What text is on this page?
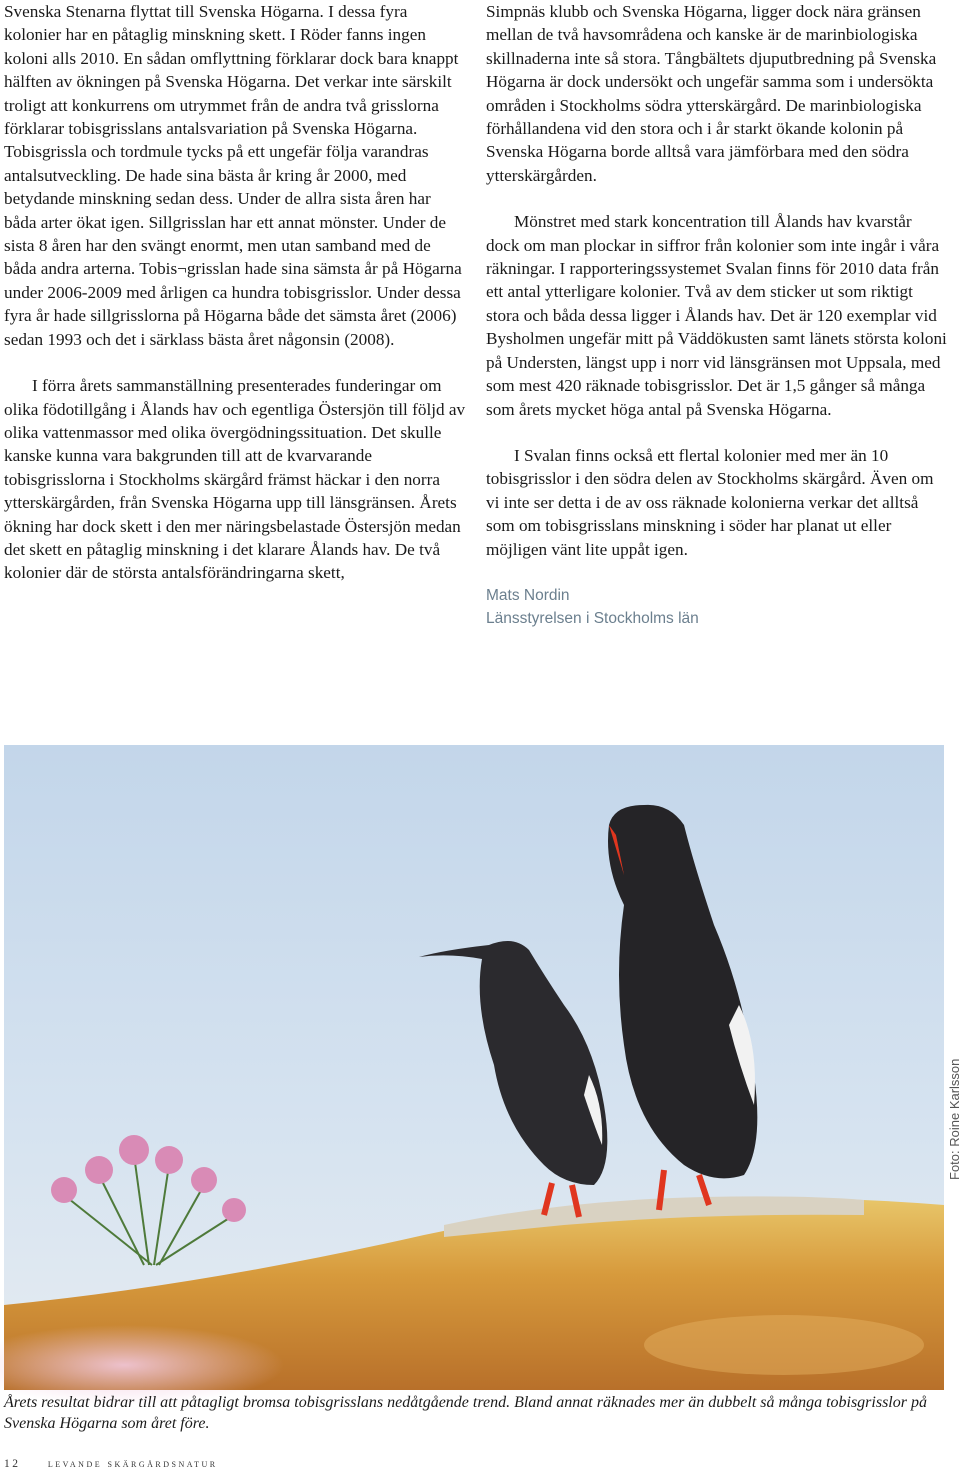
Svenska Stenarna flyttat till Svenska Högarna. I dessa fyra kolonier har en påtaglig minskning skett. I Röder fanns ingen koloni alls 2010. En sådan omflyttning förklarar dock bara knappt hälften av ökningen på Svenska Högarna. Det verkar inte särskilt troligt att konkurrens om utrymmet från de andra två grisslorna förklarar tobisgrisslans antalsvariation på Svenska Högarna. Tobisgrissla och tordmule tycks på ett ungefär följa varandras antalsutveckling. De hade sina bästa år kring år 2000, med betydande minskning sedan dess. Under de allra sista åren har båda arter ökat igen. Sillgrisslan har ett annat mönster. Under de sista 8 åren har den svängt enormt, men utan samband med de båda andra arterna. Tobis¬grisslan hade sina sämsta år på Högarna under 2006-2009 med årligen ca hundra tobisgrisslor. Under dessa fyra år hade sillgrisslorna på Högarna både det sämsta året (2006) sedan 1993 och det i särklass bästa året någonsin (2008).

I förra årets sammanställning presenterades funderingar om olika födotillgång i Ålands hav och egentliga Östersjön till följd av olika vattenmassor med olika övergödningssituation. Det skulle kanske kunna vara bakgrunden till att de kvarvarande tobisgrisslorna i Stockholms skärgård främst häckar i den norra ytterskärgården, från Svenska Högarna upp till länsgränsen. Årets ökning har dock skett i den mer näringsbelastade Östersjön medan det skett en påtaglig minskning i det klarare Ålands hav. De två kolonier där de största antalsförändringarna skett,

Simpnäs klubb och Svenska Högarna, ligger dock nära gränsen mellan de två havsområdena och kanske är de marinbiologiska skillnaderna inte så stora. Tångbältets djuputbredning på Svenska Högarna är dock undersökt och ungefär samma som i undersökta områden i Stockholms södra ytterskärgård. De marinbiologiska förhållandena vid den stora och i år starkt ökande kolonin på Svenska Högarna borde alltså vara jämförbara med den södra ytterskärgården.

Mönstret med stark koncentration till Ålands hav kvarstår dock om man plockar in siffror från kolonier som inte ingår i våra räkningar. I rapporteringssystemet Svalan finns för 2010 data från ett antal ytterligare kolonier. Två av dem sticker ut som riktigt stora och båda dessa ligger i Ålands hav. Det är 120 exemplar vid Bysholmen ungefär mitt på Väddökusten samt länets största koloni på Understen, längst upp i norr vid länsgränsen mot Uppsala, med som mest 420 räknade tobisgrisslor. Det är 1,5 gånger så många som årets mycket höga antal på Svenska Högarna.

I Svalan finns också ett flertal kolonier med mer än 10 tobisgrisslor i den södra delen av Stockholms skärgård. Även om vi inte ser detta i de av oss räknade kolonierna verkar det alltså som om tobisgrisslans minskning i söder har planat ut eller möjligen vänt lite uppåt igen.

Mats Nordin
Länsstyrelsen i Stockholms län
Foto: Roine Karlsson
Årets resultat bidrar till att påtagligt bromsa tobisgrisslans nedåtgående trend. Bland annat räknades mer än dubbelt så många tobisgrisslor på Svenska Högarna som året före.
12 levande skärgårdsnatur
